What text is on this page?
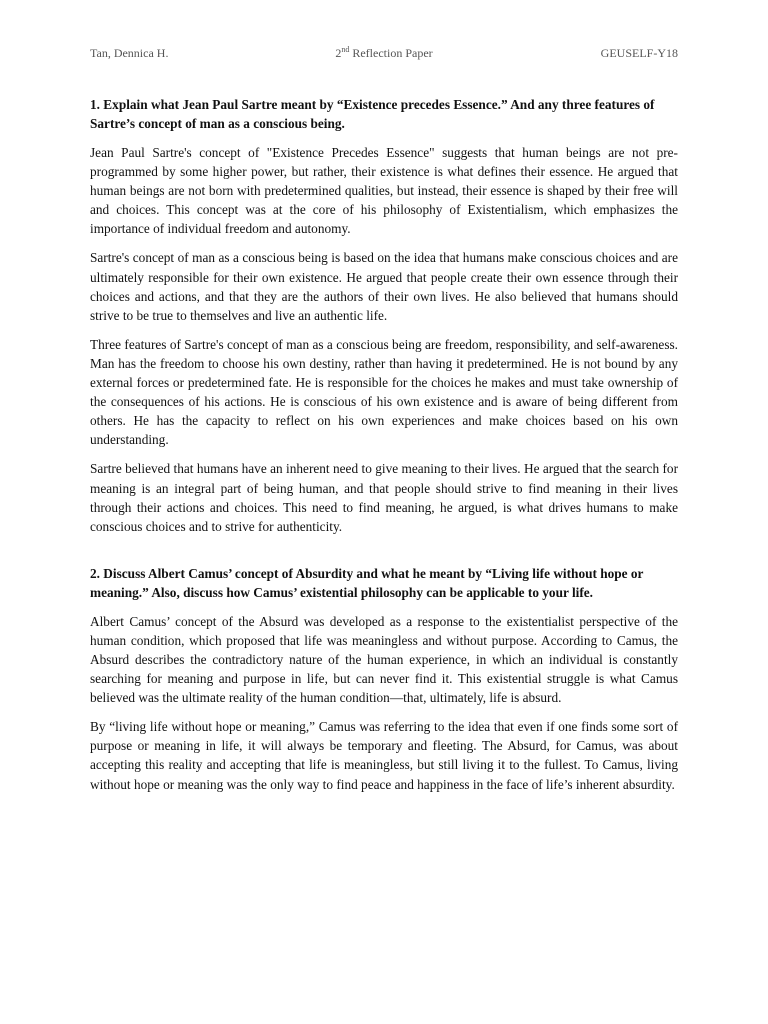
Tan, Dennica H.	2nd Reflection Paper	GEUSELF-Y18
1. Explain what Jean Paul Sartre meant by “Existence precedes Essence.” And any three features of Sartre’s concept of man as a conscious being.

Jean Paul Sartre's concept of "Existence Precedes Essence" suggests that human beings are not pre-programmed by some higher power, but rather, their existence is what defines their essence. He argued that human beings are not born with predetermined qualities, but instead, their essence is shaped by their free will and choices. This concept was at the core of his philosophy of Existentialism, which emphasizes the importance of individual freedom and autonomy.

Sartre's concept of man as a conscious being is based on the idea that humans make conscious choices and are ultimately responsible for their own existence. He argued that people create their own essence through their choices and actions, and that they are the authors of their own lives. He also believed that humans should strive to be true to themselves and live an authentic life.

Three features of Sartre's concept of man as a conscious being are freedom, responsibility, and self-awareness. Man has the freedom to choose his own destiny, rather than having it predetermined. He is not bound by any external forces or predetermined fate. He is responsible for the choices he makes and must take ownership of the consequences of his actions. He is conscious of his own existence and is aware of being different from others. He has the capacity to reflect on his own experiences and make choices based on his own understanding.

Sartre believed that humans have an inherent need to give meaning to their lives. He argued that the search for meaning is an integral part of being human, and that people should strive to find meaning in their lives through their actions and choices. This need to find meaning, he argued, is what drives humans to make conscious choices and to strive for authenticity.

2. Discuss Albert Camus’ concept of Absurdity and what he meant by “Living life without hope or meaning.” Also, discuss how Camus’ existential philosophy can be applicable to your life.

Albert Camus’ concept of the Absurd was developed as a response to the existentialist perspective of the human condition, which proposed that life was meaningless and without purpose. According to Camus, the Absurd describes the contradictory nature of the human experience, in which an individual is constantly searching for meaning and purpose in life, but can never find it. This existential struggle is what Camus believed was the ultimate reality of the human condition—that, ultimately, life is absurd.

By “living life without hope or meaning,” Camus was referring to the idea that even if one finds some sort of purpose or meaning in life, it will always be temporary and fleeting. The Absurd, for Camus, was about accepting this reality and accepting that life is meaningless, but still living it to the fullest. To Camus, living without hope or meaning was the only way to find peace and happiness in the face of life’s inherent absurdity.
